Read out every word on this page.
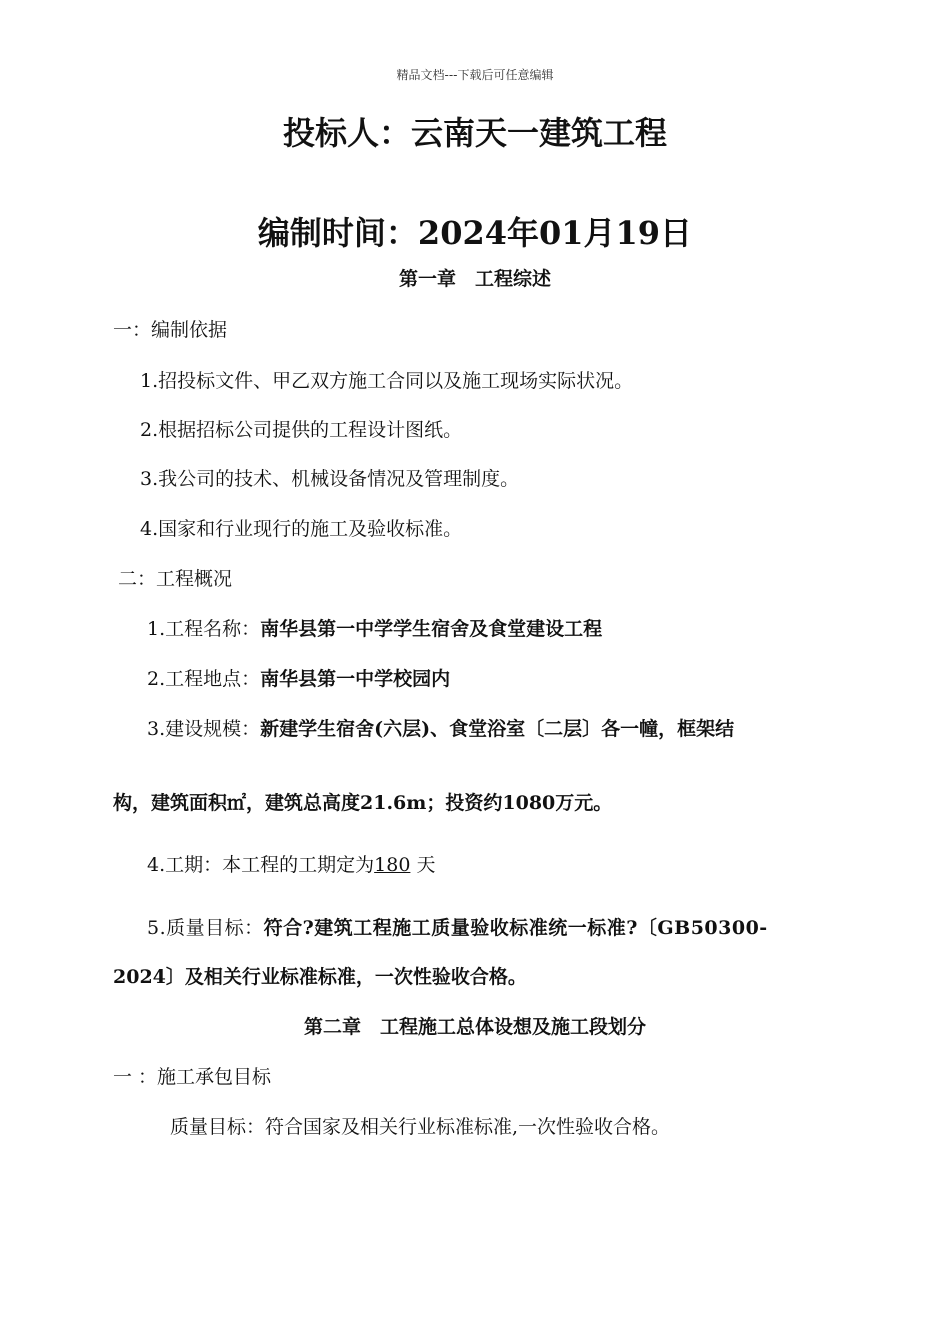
精品文档---下载后可任意编辑
投标人：云南天一建筑工程
编制时间：2024年01月19日
第一章　工程综述
一：编制依据
1.招投标文件、甲乙双方施工合同以及施工现场实际状况。
2.根据招标公司提供的工程设计图纸。
3.我公司的技术、机械设备情况及管理制度。
4.国家和行业现行的施工及验收标准。
二：工程概况
1.工程名称：南华县第一中学学生宿舍及食堂建设工程
2.工程地点：南华县第一中学校园内
3.建设规模：新建学生宿舍(六层)、食堂浴室〔二层〕各一幢，框架结
构，建筑面积㎡，建筑总高度21.6m；投资约1080万元。
4.工期：本工程的工期定为180 天
5.质量目标：符合?建筑工程施工质量验收标准统一标准?〔GB50300-
2024〕及相关行业标准标准，一次性验收合格。
第二章　工程施工总体设想及施工段划分
一 ：施工承包目标
质量目标：符合国家及相关行业标准标准,一次性验收合格。
